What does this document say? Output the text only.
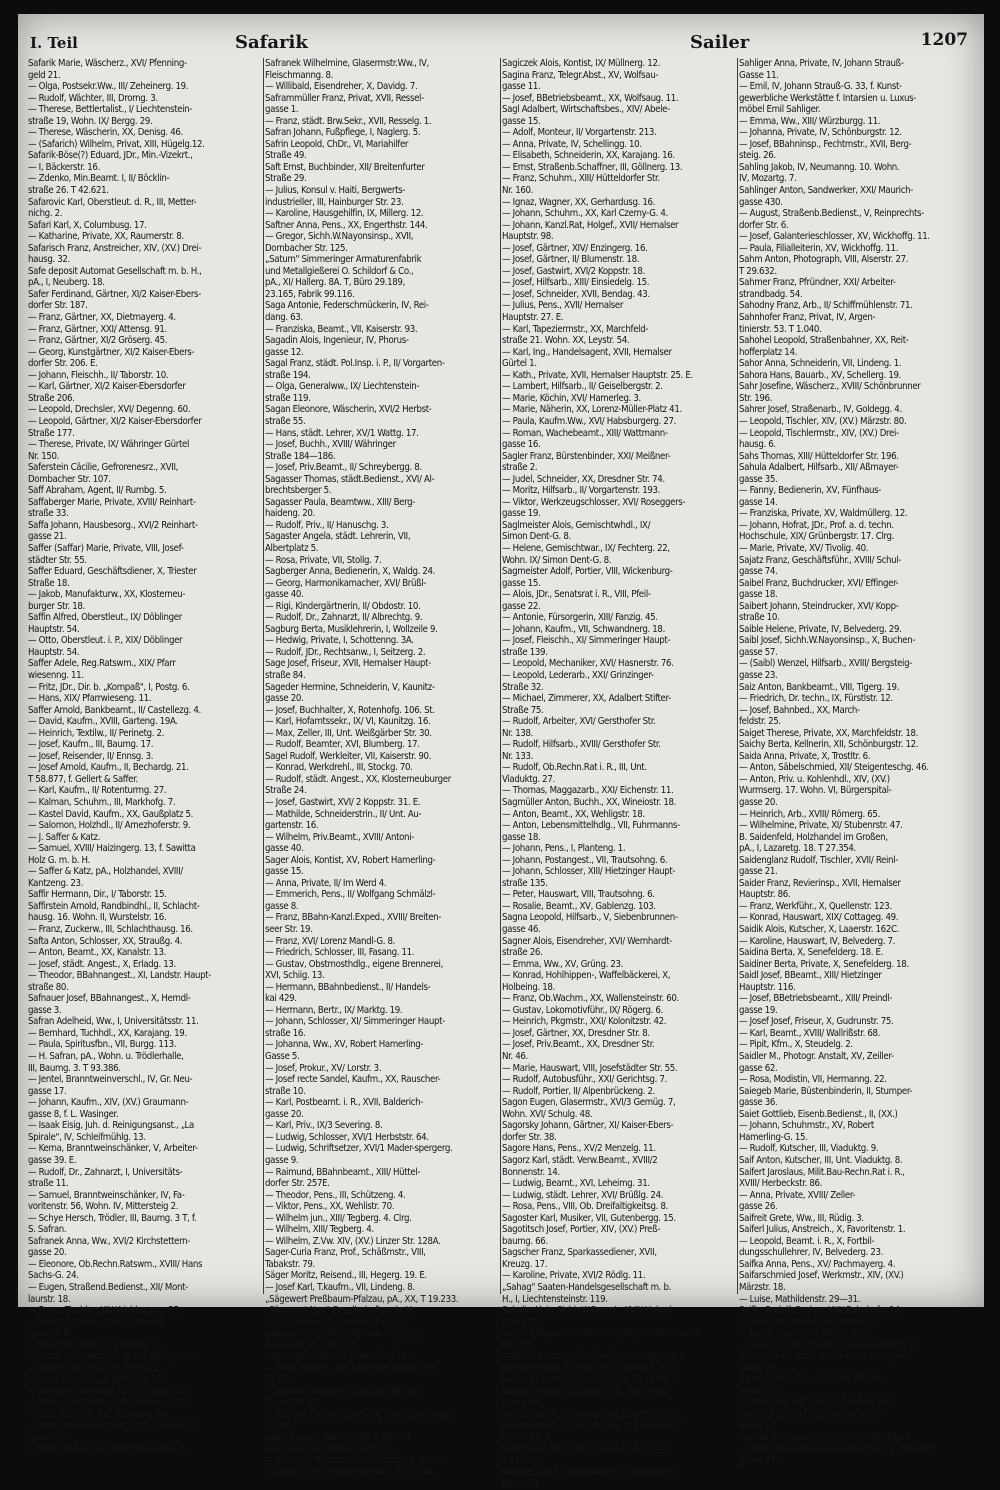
I. Teil	Safarik	Sailer	1207
Safarik Marie, Wäscherz., XVI/ Pfenning-
geld 21.
— Olga, Postsekr.Ww., III/ Zeheinerg. 19.
— Rudolf, Wächter, III, Drorng. 3.
— Therese, Bettlertalist., I/ Liechtenstein-
straße 19, Wohn. IX/ Bergg. 29.
— Therese, Wäscherin, XX, Denisg. 46.
— (Safarich) Wilhelm, Privat, XIII, Hügelg.12.
Safarik-Böse(?) Eduard, JDr., Min.-Vizekrt.,
— I, Bäckerstr. 16.
— Zdenko, Min.Beamt. I, II/ Böcklin-
straße 26. T 42.621.
Safarovic Karl, Oberstleut. d. R., III, Metter-
nichg. 2.
Safari Karl, X, Columbusg. 17.
— Katharine, Private, XX, Raumerstr. 8.
Safarisch Franz, Anstreicher, XIV, (XV.) Drei-
hausg. 32.
Safe deposit Automat Gesellschaft m. b. H.,
pA., I, Neuberg. 18.
Safer Ferdinand, Gärtner, XI/2 Kaiser-Ebers-
dorfer Str. 187.
— Franz, Gärtner, XX, Dietmayerg. 4.
— Franz, Gärtner, XXI/ Attensg. 91.
— Franz, Gärtner, XI/2 Gröserg. 45.
— Georg, Kunstgärtner, XI/2 Kaiser-Ebers-
dorfer Str. 206. E.
— Johann, Fleischh., II/ Taborstr. 10.
— Karl, Gärtner, XI/2 Kaiser-Ebersdorfer
Straße 206.
— Leopold, Drechsler, XVI/ Degenng. 60.
— Leopold, Gärtner, XI/2 Kaiser-Ebersdorfer
Straße 177.
— Therese, Private, IX/ Währinger Gürtel
Nr. 150.
Saferstein Cäcilie, Gefrorenesrz., XVII,
Dornbacher Str. 107.
Saff Abraham, Agent, II/ Rumbg. 5.
Saffaberger Marie, Private, XVIII/ Reinhart-
straße 33.
Saffa Johann, Hausbesorg., XVI/2 Reinhart-
gasse 21.
Saffer (Saffar) Marie, Private, VIII, Josef-
städter Str. 55.
Saffer Eduard, Geschäftsdiener, X, Triester
Straße 18.
— Jakob, Manufakturw., XX, Klosterneu-
burger Str. 18.
Saffin Alfred, Oberstleut., IX/ Döblinger
Hauptstr. 54.
— Otto, Oberstleut. i. P., XIX/ Döblinger
Hauptstr. 54.
Saffer Adele, Reg.Ratswm., XIX/ Pfarr
wiesenng. 11.
— Fritz, JDr., Dir. b. „Kompaß", I, Postg. 6.
— Hans, XIX/ Pfarrwieseng. 11.
Saffer Arnold, Bankbeamt., II/ Castellezg. 4.
— David, Kaufm., XVIII, Garteng. 19A.
— Heinrich, Textilw., II/ Perinetg. 2.
— Josef, Kaufm., III, Baumg. 17.
— Josef, Reisender, II/ Ennsg. 3.
— Josef Arnold, Kaufm., II, Bechardg. 21.
T 58.877, f. Gellert & Saffer.
— Karl, Kaufm., II/ Rotenturmg. 27.
— Kalman, Schuhm., III, Markhofg. 7.
— Kastel David, Kaufm., XX, Gaußplatz 5.
— Salomon, Holzhdl., II/ Arnezhoferstr. 9.
— J. Saffer & Katz.
— Samuel, XVIII/ Haizingerg. 13, f. Sawitta
Holz G. m. b. H.
— Saffer & Katz, pA., Holzhandel, XVIII/
Kantzeng. 23.
Saffir Hermann, Dir., I/ Taborstr. 15.
Saffirstein Arnold, Randbindhl., II, Schlacht-
hausg. 16. Wohn. II, Wurstelstr. 16.
— Franz, Zuckerw., III, Schlachthausg. 16.
Safta Anton, Schlosser, XX, Straußg. 4.
— Anton, Beamt., XX, Kanalstr. 13.
— Josef, städt. Angest., X, Erladg. 13.
— Theodor, BBahnangest., XI, Landstr. Haupt-
straße 80.
Safnauer Josef, BBahnangest., X, Herndl-
gasse 3.
Safran Adelheid, Ww., I, Universitätsstr. 11.
— Bernhard, Tuchhdl., XX, Karajang. 19.
— Paula, Spiritusfbn., VII, Burgg. 113.
— H. Safran, pA., Wohn. u. Trödlerhalle,
III, Baumg. 3. T 93.386.
— Jentel, Branntweinverschl., IV, Gr. Neu-
gasse 17.
— Johann, Kaufm., XIV, (XV.) Graumann-
gasse 8, f. L. Wasinger.
— Isaak Eisig, Juh. d. Reinigungsanst., „La
Spirale", IV, Schleifmühlg. 13.
— Kerna, Branntweinschänker, V, Arbeiter-
gasse 39. E.
— Rudolf, Dr., Zahnarzt, I, Universitäts-
straße 11.
— Samuel, Branntweinschänker, IV, Fa-
voritenstr. 56, Wohn. IV, Mittersteig 2.
— Schye Hersch, Trödler, III, Baumg. 3 T, f.
S. Safran.
Safranek Anna, Ww., XVI/2 Kirchstettern-
gasse 20.
— Eleonore, Ob.Rechn.Ratswm., XVIII/ Hans
Sachs-G. 24.
— Eugen, Straßend.Bedienst., XII/ Mont-
laurstr. 18.
— Franz, Tischler, XII/ Krichbaumg. 27.
— Franz, Schuhm., XVI/2 Zabernik-
gasse 4. E.
— Franziska, Ww., VI, Mollardg. 9.
— Jakob, Schuhmmstr., III, Ob. Bahng. 26.
— Johann, Tischler, XIV, Ennsg. 1.
— Josef, Schuhm., X, Leibnizg. 36.
— Karoline, Hauswart, III, Ob. Bahng. 26.
— Marie, Wäscherin, XVII, Beheimg. 33.
— Otto, Betr.Off., XI/2 Alzingerg. 34.
— Peter, Kleidermacher, V, Ob. Amtshaus-
gasse 25.
— Rosa, Hebamme, XVI/2 Neumayrg. 4.
Safranek Wilhelmine, Glasermstr.Ww., IV,
Fleischmanng. 8.
— Willibald, Eisendreher, X, Davidg. 7.
Saframmüller Franz, Privat, XVII, Ressel-
gasse 1.
— Franz, städt. Brw.Sekr., XVII, Resselg. 1.
Safran Johann, Fußpflege, I, Naglerg. 5.
Safrin Leopold, ChDr., VI, Mariahilfer
Straße 49.
Saft Ernst, Buchbinder, XII/ Breitenfurter
Straße 29.
— Julius, Konsul v. Haiti, Bergwerts-
industrieller, III, Hainburger Str. 23.
— Karoline, Hausgehilfin, IX, Millerg. 12.
Saftner Anna, Pens., XX, Engerthstr. 144.
— Gregor, Sichh.W.Nayonsinsp., XVII,
Dornbacher Str. 125.
„Saturn" Simmeringer Armaturenfabrik
und Metallgießerei O. Schildorf & Co.,
pA., XI/ Hallerg. 8A. T, Büro 29.189,
23.165, Fabrik 99.116.
Saga Antonie, Federschmückerin, IV, Rei-
dang. 63.
— Franziska, Beamt., VII, Kaiserstr. 93.
Sagadin Alois, Ingenieur, IV, Phorus-
gasse 12.
Sagal Franz, städt. Pol.Insp. i. P., II/ Vorgarten-
straße 194.
— Olga, Generalww., IX/ Liechtenstein-
straße 119.
Sagan Eleonore, Wäscherin, XVI/2 Herbst-
straße 55.
— Hans, städt. Lehrer, XV/1 Wattg. 17.
— Josef, Buchh., XVIII/ Währinger
Straße 184—186.
— Josef, Priv.Beamt., II/ Schreybergg. 8.
Sagasser Thomas, städt.Bedienst., XVI/ Al-
brechtsberger 5.
Sagasser Paula, Beamtww., XIII/ Berg-
haideng. 20.
— Rudolf, Priv., II/ Hanuschg. 3.
Sagaster Angela, städt. Lehrerin, VII,
Albertplatz 5.
— Rosa, Private, VII, Stollg. 7.
Sagberger Anna, Bedienerin, X, Waldg. 24.
— Georg, Harmonikamacher, XVI/ Brüßl-
gasse 40.
— Rigi, Kindergärtnerin, II/ Obdostr. 10.
— Rudolf, Dr., Zahnarzt, II/ Albrechtg. 9.
Sagburg Berta, Musiklehrerin, I, Wollzeile 9.
— Hedwig, Private, I, Schottenng. 3A.
— Rudolf, JDr., Rechtsanw., I, Seitzerg. 2.
Sage Josef, Friseur, XVII, Hernalser Haupt-
straße 84.
Sageder Hermine, Schneiderin, V, Kaunitz-
gasse 20.
— Josef, Buchhalter, X, Rotenhofg. 106. St.
— Karl, Hofamtssekr., IX/ VI, Kaunitzg. 16.
— Max, Zeller, III, Unt. Weißgärber Str. 30.
— Rudolf, Beamter, XVI, Blumberg. 17.
Sagel Rudolf, Werkleiter, VII, Kaiserstr. 90.
— Konrad, Werkdrehl., III, Stockg. 70.
— Rudolf, städt. Angest., XX, Klosterneuburger
Straße 24.
— Josef, Gastwirt, XVI/ 2 Koppstr. 31. E.
— Mathilde, Schneiderstrin., II/ Unt. Au-
gartenstr. 16.
— Wilhelm, Priv.Beamt., XVIII/ Antoni-
gasse 40.
Sager Alois, Kontist, XV, Robert Hamerling-
gasse 15.
— Anna, Private, II/ Im Werd 4.
— Emmerich, Pens., II/ Wolfgang Schmälzl-
gasse 8.
— Franz, BBahn-Kanzl.Exped., XVIII/ Breiten-
seer Str. 19.
— Franz, XVI/ Lorenz Mandl-G. 8.
— Friedrich, Schlosser, III, Fasang. 11.
— Gustav, Obstmosthdlg., eigene Brennerei,
XVI, Schiig. 13.
— Hermann, BBahnbedienst., II/ Handels-
kai 429.
— Hermann, Bertr., IX/ Marktg. 19.
— Johann, Schlosser, XI/ Simmeringer Haupt-
straße 16.
— Johanna, Ww., XV, Robert Hamerling-
Gasse 5.
— Josef, Prokur., XV/ Lorstr. 3.
— Josef recte Sandel, Kaufm., XX, Rauscher-
straße 10.
— Karl, Postbeamt. i. R., XVII, Balderich-
gasse 20.
— Karl, Priv., IX/3 Severing. 8.
— Ludwig, Schlosser, XVI/1 Herbststr. 64.
— Ludwig, Schriftsetzer, XVI/1 Mader-spergerg.
gasse 9.
— Raimund, BBahnbeamt., XIII/ Hüttel-
dorfer Str. 257E.
— Theodor, Pens., III, Schützeng. 4.
— Viktor, Pens., XX, Wehlistr. 70.
— Wilhelm jun., XIII/ Tegberg. 4. Clrg.
— Wilhelm, XIII/ Tegberg. 4.
— Wilhelm, Z.Vw. XIV, (XV.) Linzer Str. 128A.
Sager-Curia Franz, Prof., Schäßmstr., VIII,
Tabakstr. 79.
Säger Moritz, Reisend., III, Hegerg. 19. E.
— Josef Karl, T.kaufm., VII, Lindeng. 8.
„Sägewert Preßbaum-Pfalzau, pA., XX, T 19.233.
„Sägewert Nag" Gesellschaft m. b. H.,
pA., X, Arsenal, gegenüber Tor 16, T.
Sägewerks-Gesellschaft m. b. H., pA., I,
Wallnerstr. 8. T 79.203.
Sagh Franz, Affist., II/ Handelskai 13.
— Franz, Beamt., XX, Klosterneuburger Str.
Nr. 85.
— Johann, Straßenb.Schaffner, XI/ Pen-
zinger Str. 50.
— Richard, Goldschmied, XX, Klosterneuburger
Str. 86.
Sághi Rosa, II/ Taborstr. 8B. T 42.223.
Saghy Karl, V, Hamburgerstr. 2.
— Stephan, Nähmaschinenhändler, u. Repar.,
I, Lugeck 7 (Ecke Rotenturmstr.). T 74.780.
Sagiczek Alois, Kontist, IX/ Müllnerg. 12.
Sagina Franz, Telegr.Abst., XV, Wolfsau-
gasse 11.
— Josef, BBetriebsbeamt., XX, Wolfsaug. 11.
Sagl Adalbert, Wirtschaftsbes., XIV/ Abele-
gasse 15.
— Adolf, Monteur, II/ Vorgartenstr. 213.
— Anna, Private, IV, Schellingg. 10.
— Elisabeth, Schneiderin, XX, Karajang. 16.
— Ernst, Straßenb.Schaffner, III, Göllnerg. 13.
— Franz, Schuhm., XIII/ Hütteldorfer Str.
Nr. 160.
— Ignaz, Wagner, XX, Gerhardusg. 16.
— Johann, Schuhm., XX, Karl Czerny-G. 4.
— Johann, Kanzl.Rat, Holgef., XVII/ Hernalser
Hauptstr. 98.
— Josef, Gärtner, XIV/ Enzingerg. 16.
— Josef, Gärtner, II/ Blumenstr. 18.
— Josef, Gastwirt, XVI/2 Koppstr. 18.
— Josef, Hilfsarb., XIII/ Einsiedelg. 15.
— Josef, Schneider, XVII, Bendag. 43.
— Julius, Pens., XVII/ Hernalser
Hauptstr. 27. E.
— Karl, Tapeziermstr., XX, Marchfeld-
straße 21. Wohn. XX, Leystr. 54.
— Karl, Ing., Handelsagent, XVII, Hernalser
Gürtel 1.
— Kath., Private, XVII, Hernalser Hauptstr. 25. E.
— Lambert, Hilfsarb., II/ Geiselbergstr. 2.
— Marie, Köchin, XVI/ Hamerleg. 3.
— Marie, Näherin, XX, Lorenz-Müller-Platz 41.
— Paula, Kaufm.Ww., XVI/ Habsburgerg. 27.
— Roman, Wachebeamt., XIII/ Wattmann-
gasse 16.
Sagler Franz, Bürstenbinder, XXI/ Meißner-
straße 2.
— Judel, Schneider, XX, Dresdner Str. 74.
— Moritz, Hilfsarb., II/ Vorgartenstr. 193.
— Viktor, Werkzeugschlosser, XVI/ Roseggers-
gasse 19.
Saglmeister Alois, Gemischtwhdl., IX/
Simon Dent-G. 8.
— Helene, Gemischtwar., IX/ Fechterg. 22,
Wohn. IX/ Simon Dent-G. 8.
Sagmeister Adolf, Portier, VIII, Wickenburg-
gasse 15.
— Alois, JDr., Senatsrat i. R., VIII, Pfeil-
gasse 22.
— Antonie, Fürsorgerin, XIII/ Fanzig. 45.
— Johann, Kaufm., VII, Schwandnerg. 18.
— Josef, Fleischh., XI/ Simmeringer Haupt-
straße 139.
— Leopold, Mechaniker, XVI/ Hasnerstr. 76.
— Leopold, Lederarb., XXI/ Grinzinger-
Straße 32.
— Michael, Zimmerer, XX, Adalbert Stifter-
Straße 75.
— Rudolf, Arbeiter, XVI/ Gersthofer Str.
Nr. 138.
— Rudolf, Hilfsarb., XVIII/ Gersthofer Str.
Nr. 133.
— Rudolf, Ob.Rechn.Rat i. R., III, Unt.
Viaduktg. 27.
— Thomas, Maggazarb., XXI/ Eichenstr. 11.
Sagmüller Anton, Buchh., XX, Wineiostr. 18.
— Anton, Beamt., XX, Wehligstr. 18.
— Anton, Lebensmittelhdlg., VII, Fuhrmanns-
gasse 18.
— Johann, Pens., I, Planteng. 1.
— Johann, Postangest., VII, Trautsohng. 6.
— Johann, Schlosser, XIII/ Hietzinger Haupt-
straße 135.
— Peter, Hauswart, VIII, Trautsohng. 6.
— Rosalie, Beamt., XV, Gablenzg. 103.
Sagna Leopold, Hilfsarb., V, Siebenbrunnen-
gasse 46.
Sagner Alois, Eisendreher, XVI/ Wernhardt-
straße 26.
— Emma, Ww., XV, Grüng. 23.
— Konrad, Hohlhippen-, Waffelbäckerei, X,
Holbeing. 18.
— Franz, Ob.Wachm., XX, Wallensteinstr. 60.
— Gustav, Lokomotivführ., IX/ Rögerg. 6.
— Heinrich, Pkgmstr., XXI/ Kolonitzstr. 42.
— Josef, Gärtner, XX, Dresdner Str. 8.
— Josef, Priv.Beamt., XX, Dresdner Str.
Nr. 46.
— Marie, Hauswart, VIII, Josefstädter Str. 55.
— Rudolf, Autobusführ., XXI/ Gerichtsg. 7.
— Rudolf, Portier, II/ Alpenbrückeng. 2.
Sagon Eugen, Glasermstr., XVI/3 Gemüg. 7,
Wohn. XVI/ Schulg. 48.
Sagorsky Johann, Gärtner, XI/ Kaiser-Ebers-
dorfer Str. 38.
Sagore Hans, Pens., XV/2 Menzelg. 11.
Sagorz Karl, städt. Verw.Beamt., XVIII/2
Bonnenstr. 14.
— Ludwig, Beamt., XVI, Leheimg. 31.
— Ludwig, städt. Lehrer, XVI/ Brüßlg. 24.
— Rosa, Pens., VIII, Ob. Dreifaltigkeitsg. 8.
Sagoster Karl, Musiker, VII, Gutenbergg. 15.
Sagotitsch Josef, Portier, XIV, (XV.) Preß-
baumg. 66.
Sagscher Franz, Sparkassediener, XVII,
Kreuzg. 17.
— Karoline, Private, XVI/2 Rödlg. 11.
„Sahag" Saaten-Handelsgesellschaft m. b.
H., I, Liechtensteinstr. 119.
Sahalia Alois, Sichh.W.Beamt., XVII/ Haberl-
gasse 20.
Sahan Alois, Sichh.W.Beamt., XIII/ Hütteldorfer Str.
Nr. 135.
— Marie, Damenschneiderin, XIV/2 Haberlg. 8.
Sahaw Eduard, Tischler, XV, Chrobakg. 4.
Sahamer Franz, Gummiarb., XII/ Eichenstr. 2.
Sahann Johann, Ob.Lehrer i. R., XIII/ Tivoli-
gasse 49.
Sahedi Rudolf, Schneider, XX, Engerthstr. 55.
Sahrpfeil Karl u. Luise, Private, II, Reimmer-
straße 18. E.
Sailer Josef, MDr., XVII, Lange-G. 44 (2—4).
T 11.223.
Sahliger Adolf, Zuckerbäcker, III, Disselneier-
gasse 23.
Sahliger Anna, Private, IV, Johann Strauß-
Gasse 11.
— Emil, IV, Johann Strauß-G. 33, f. Kunst-
gewerbliche Werkstätte f. Intarsien u. Luxus-
möbel Emil Sahliger.
— Emma, Ww., XIII/ Würzburgg. 11.
— Johanna, Private, IV, Schönburgstr. 12.
— Josef, BBahninsp., Fechtmstr., XVII, Berg-
steig. 26.
Sahling Jakob, IV, Neumanng. 10. Wohn.
IV, Mozartg. 7.
Sahlinger Anton, Sandwerker, XXI/ Maurich-
gasse 430.
— August, Straßenb.Bedienst., V, Reinprechts-
dorfer Str. 6.
— Josef, Galanterieschlosser, XV, Wickhoffg. 11.
— Paula, Filialleiterin, XV, Wickhoffg. 11.
Sahm Anton, Photograph, VIII, Alserstr. 27.
T 29.632.
Sahmer Franz, Pfründner, XXI/ Arbeiter-
strandbadg. 54.
Sahodny Franz, Arb., II/ Schiffmühlenstr. 71.
Sahnhofer Franz, Privat, IV, Argen-
tinierstr. 53. T 1.040.
Sahohel Leopold, Straßenbahner, XX, Reit-
hofferplatz 14.
Sahor Anna, Schneiderin, VII, Lindeng. 1.
Sahora Hans, Bauarb., XV, Schellerg. 19.
Sahr Josefine, Wäscherz., XVIII/ Schönbrunner
Str. 196.
Sahrer Josef, Straßenarb., IV, Goldegg. 4.
— Leopold, Tischler, XIV, (XV.) Märzstr. 80.
— Leopold, Tischlermstr., XIV, (XV.) Drei-
hausg. 6.
Sahs Thomas, XIII/ Hütteldorfer Str. 196.
Sahula Adalbert, Hilfsarb., XII/ Aßmayer-
gasse 35.
— Fanny, Bedienerin, XV, Fünfhaus-
gasse 14.
— Franziska, Private, XV, Waldmüllerg. 12.
— Johann, Hofrat, JDr., Prof. a. d. techn.
Hochschule, XIX/ Grünbergstr. 17. Clrg.
— Marie, Private, XV/ Tivolig. 40.
Sajatz Franz, Geschäftsführ., XVIII/ Schul-
gasse 74.
Saibel Franz, Buchdrucker, XVI/ Effinger-
gasse 18.
Saibert Johann, Steindrucker, XVI/ Kopp-
straße 10.
Saible Helene, Private, IV, Belvederg. 29.
Saibl Josef, Sichh.W.Nayonsinsp., X, Buchen-
gasse 57.
— (Saibl) Wenzel, Hilfsarb., XVIII/ Bergsteig-
gasse 23.
Saiz Anton, Bankbeamt., VIII, Tigerg. 19.
— Friedrich, Dr. techn., IX, Fürstlstr. 12.
— Josef, Bahnbed., XX, March-
feldstr. 25.
Saiget Therese, Private, XX, Marchfeldstr. 18.
Saichy Berta, Kellnerin, XII, Schönburgstr. 12.
Saida Anna, Private, X, Trostltr. 6.
— Anton, Säbelschmied, XII/ Steigenteschg. 46.
— Anton, Priv. u. Kohlenhdl., XIV, (XV.)
Wurmserg. 17. Wohn. VI, Bürgerspital-
gasse 20.
— Heinrich, Arb., XVIII/ Römerg. 65.
— Wilhelmine, Private, XI/ Stubenrstr. 47.
B. Saidenfeld, Holzhandel im Großen,
pA., I, Lazaretg. 18. T 27.354.
Saidenglanz Rudolf, Tischler, XVII/ Reinl-
gasse 21.
Saider Franz, Revierinsp., XVII, Hernalser
Hauptstr. 86.
— Franz, Werkführ., X, Quellenstr. 123.
— Konrad, Hauswart, XIX/ Cottageg. 49.
Saidik Alois, Kutscher, X, Laaerstr. 162C.
— Karoline, Hauswart, IV, Belvederg. 7.
Saidina Berta, X, Senefelderg. 18. E.
Saidiner Berta, Private, X, Senefelderg. 18.
Saidl Josef, BBeamt., XIII/ Hietzinger
Hauptstr. 116.
— Josef, BBetriebsbeamt., XIII/ Preindl-
gasse 19.
— Josef Josef, Friseur, X, Gudrunstr. 75.
— Karl, Beamt., XVIII/ Wallrißstr. 68.
— Pipit, Kfm., X, Steudelg. 2.
Saidler M., Photogr. Anstalt, XV, Zeiller-
gasse 62.
— Rosa, Modistin, VII, Hermanng. 22.
Saiegeb Marie, Büstenbinderin, II, Stumper-
gasse 36.
Saiet Gottlieb, Eisenb.Bedienst., II, (XX.)
— Johann, Schuhmstr., XV, Robert
Hamerling-G. 15.
— Rudolf, Kutscher, III, Viaduktg. 9.
Saif Anton, Kutscher, III, Unt. Viaduktg. 8.
Saifert Jaroslaus, Milit.Bau-Rechn.Rat i. R.,
XVIII/ Herbeckstr. 86.
— Anna, Private, XVIII/ Zeller-
gasse 26.
Saifreit Grete, Ww., III, Rüdig. 3.
Saiferl Julius, Anstreich., X, Favoritenstr. 1.
— Leopold, Beamt. i. R., X, Fortbil-
dungsschullehrer, IV, Belvederg. 23.
Saifka Anna, Pens., XV/ Pachmayerg. 4.
Saifarschmied Josef, Werkmstr., XIV, (XV.)
Märzstr. 18.
— Luise, Mathildenstr. 29—31.
Saifko Rudolf, Dreher, XXI/ Bahnhofg. 14.
— Franz, Ing.Beamt., VI, Millerg. 21.
— Franz, Kaufm., VI, Millerg. 21.
— Georg, Kunsthistoriker, I, Himmelpfortg. 9.
Saifkschmied Hans, Elektriker, XVI/ Degen-
gasse 56.
Saifler Rudolf, Beamt., XVIII/ Wallriß-
straße 30.
— Alois, Reg.Rat, Stbb. d. Strafregister-
amtes d. Polizei-Dir., II/ Fuchsthaller-
gasse 1.
— Alois, Fleischselcher, XII/ Flurschützstr. 8.
— Alois, Kleinfuhrwerksunternehmer, V, Arbeiter-
gasse 34.
